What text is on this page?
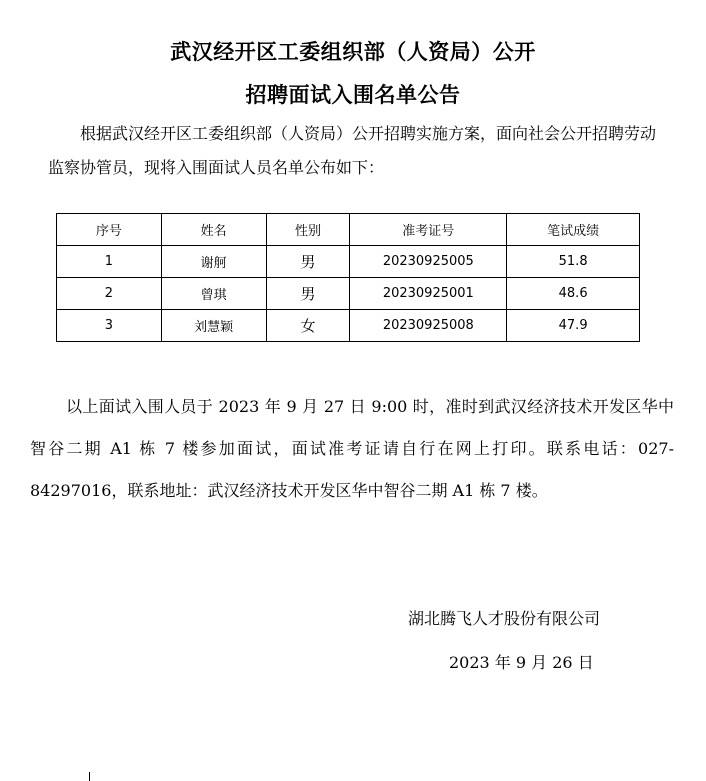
武汉经开区工委组织部（人资局）公开
招聘面试入围名单公告

根据武汉经开区工委组织部（人资局）公开招聘实施方案，面向社会公开招聘劳动监察协管员，现将入围面试人员名单公布如下：

序号	姓名	性别	准考证号	笔试成绩
1	谢舸	男	20230925005	51.8
2	曾琪	男	20230925001	48.6
3	刘慧颖	女	20230925008	47.9

以上面试入围人员于 2023 年 9 月 27 日 9:00 时，准时到武汉经济技术开发区华中智谷二期 A1 栋 7 楼参加面试，面试准考证请自行在网上打印。联系电话：027-84297016，联系地址：武汉经济技术开发区华中智谷二期 A1 栋 7 楼。

湖北腾飞人才股份有限公司
2023 年 9 月 26 日
